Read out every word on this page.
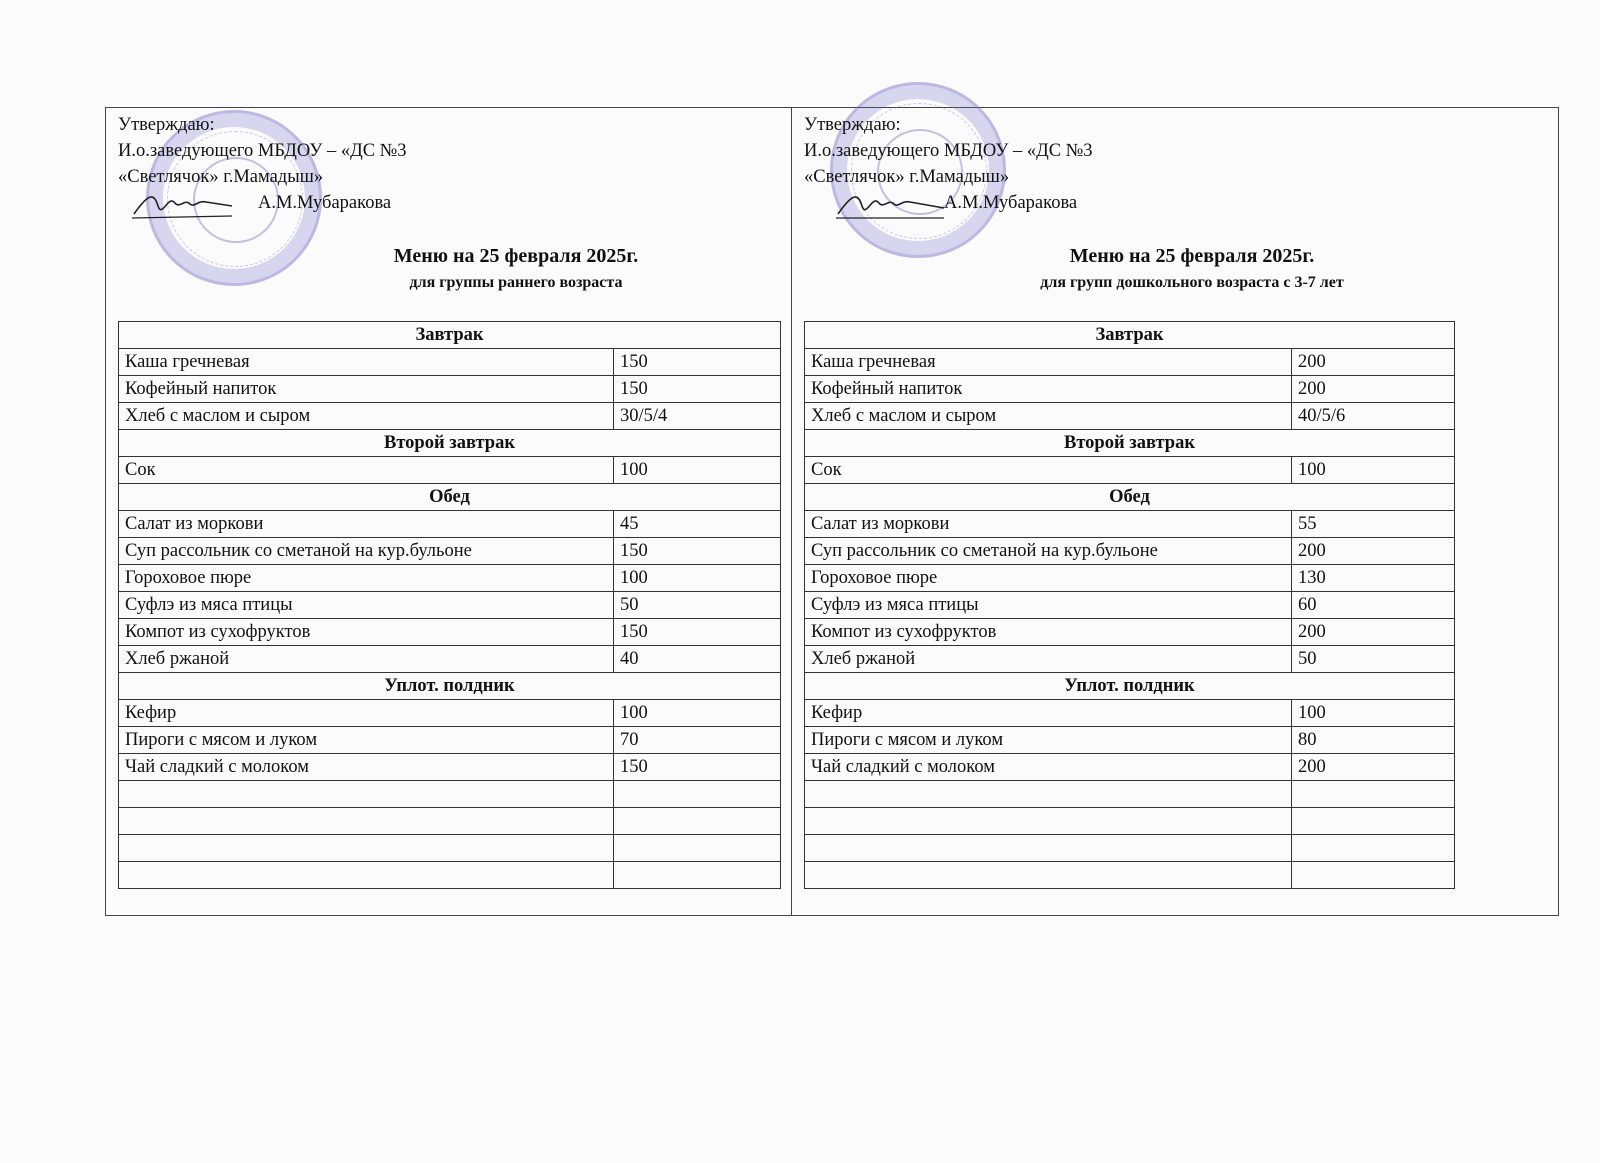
Утверждаю:
И.о.заведующего МБДОУ – «ДС №3
«Светлячок» г.Мамадыш»
А.М.Мубаракова
Меню на 25 февраля 2025г.
для группы раннего возраста
Завтрак	
Каша гречневая	150
Кофейный напиток	150
Хлеб с маслом и сыром	30/5/4
Второй завтрак	
Сок	100
Обед	
Салат из моркови	45
Суп рассольник со сметаной на кур.бульоне	150
Гороховое пюре	100
Суфлэ из мяса птицы	50
Компот из сухофруктов	150
Хлеб ржаной	40
Уплот. полдник	
Кефир	100
Пироги с мясом и луком	70
Чай сладкий с молоком	150

Утверждаю:
И.о.заведующего МБДОУ – «ДС №3
«Светлячок» г.Мамадыш»
А.М.Мубаракова
Меню на 25 февраля 2025г.
для групп дошкольного возраста с 3-7 лет
Завтрак	
Каша гречневая	200
Кофейный напиток	200
Хлеб с маслом и сыром	40/5/6
Второй завтрак	
Сок	100
Обед	
Салат из моркови	55
Суп рассольник со сметаной на кур.бульоне	200
Гороховое пюре	130
Суфлэ из мяса птицы	60
Компот из сухофруктов	200
Хлеб ржаной	50
Уплот. полдник	
Кефир	100
Пироги с мясом и луком	80
Чай сладкий с молоком	200
